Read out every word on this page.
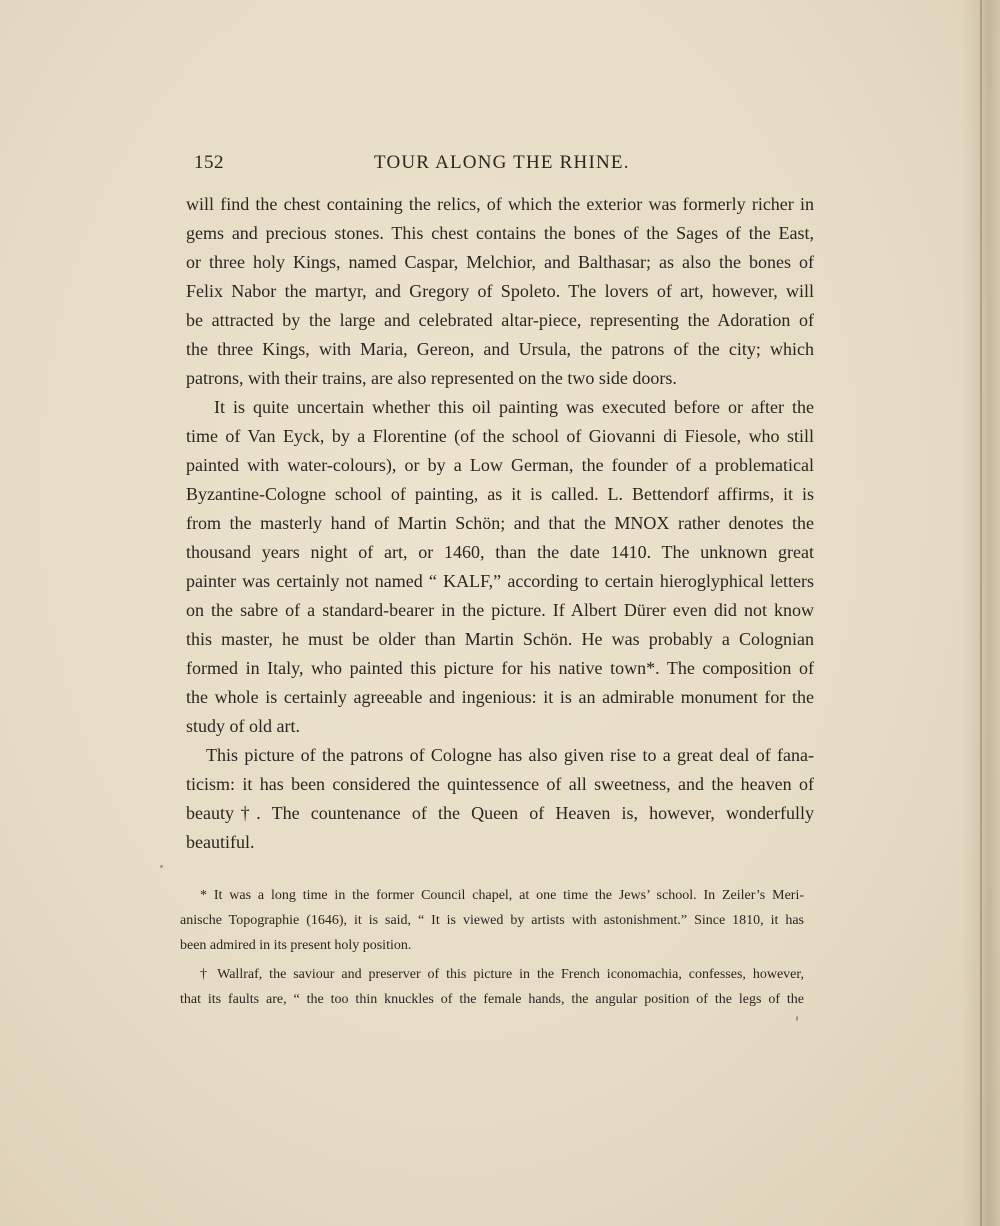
152	TOUR ALONG THE RHINE.
will find the chest containing the relics, of which the exterior was formerly richer in
gems and precious stones. This chest contains the bones of the Sages of the East,
or three holy Kings, named Caspar, Melchior, and Balthasar; as also the bones of
Felix Nabor the martyr, and Gregory of Spoleto. The lovers of art, however, will
be attracted by the large and celebrated altar-piece, representing the Adoration of
the three Kings, with Maria, Gereon, and Ursula, the patrons of the city; which
patrons, with their trains, are also represented on the two side doors.
It is quite uncertain whether this oil painting was executed before or after the
time of Van Eyck, by a Florentine (of the school of Giovanni di Fiesole, who still
painted with water-colours), or by a Low German, the founder of a problematical
Byzantine-Cologne school of painting, as it is called. L. Bettendorf affirms, it is
from the masterly hand of Martin Schön; and that the MNOX rather denotes the
thousand years night of art, or 1460, than the date 1410. The unknown great
painter was certainly not named “ KALF,” according to certain hieroglyphical letters
on the sabre of a standard-bearer in the picture. If Albert Dürer even did not know
this master, he must be older than Martin Schön. He was probably a Colognian
formed in Italy, who painted this picture for his native town*. The composition of
the whole is certainly agreeable and ingenious: it is an admirable monument for the
study of old art.
This picture of the patrons of Cologne has also given rise to a great deal of fana-
ticism: it has been considered the quintessence of all sweetness, and the heaven of
beauty†. The countenance of the Queen of Heaven is, however, wonderfully
beautiful.
* It was a long time in the former Council chapel, at one time the Jews’ school. In Zeiler’s Meri-
anische Topographie (1646), it is said, “ It is viewed by artists with astonishment.” Since 1810, it has
been admired in its present holy position.
† Wallraf, the saviour and preserver of this picture in the French iconomachia, confesses, however,
that its faults are, “ the too thin knuckles of the female hands, the angular position of the legs of the
